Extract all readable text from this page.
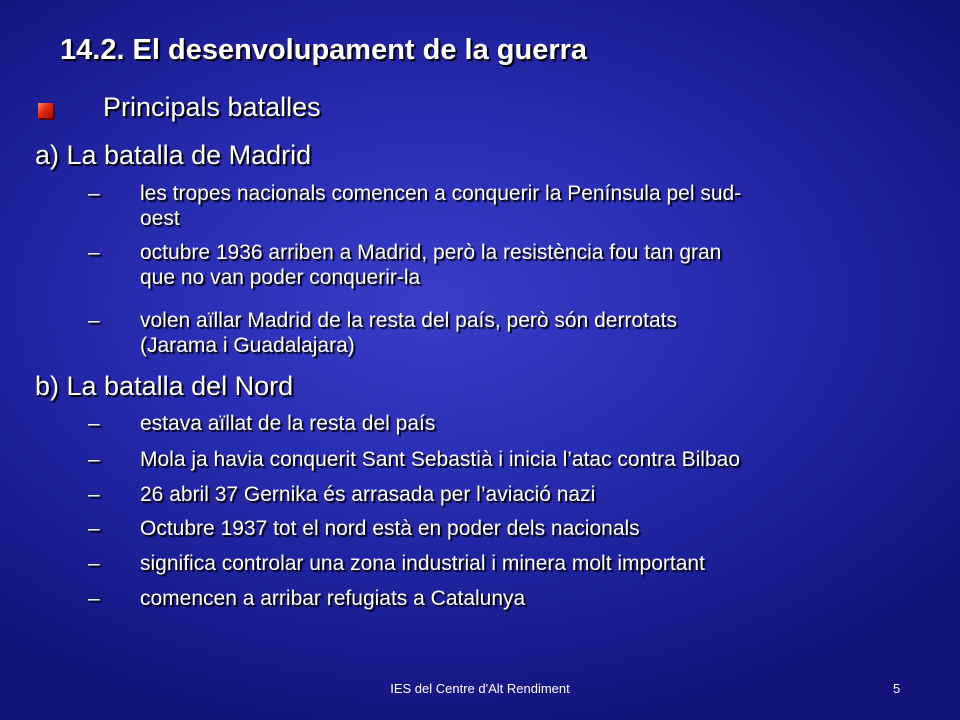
14.2. El desenvolupament de la guerra
Principals batalles
a) La batalla de Madrid
– les tropes nacionals comencen a conquerir la Península pel sud-
oest
– octubre 1936 arriben a Madrid, però la resistència fou tan gran
que no van poder conquerir-la
– volen aïllar Madrid de la resta del país, però són derrotats
(Jarama i Guadalajara)
b) La batalla del Nord
– estava aïllat de la resta del país
– Mola ja havia conquerit Sant Sebastià i inicia l’atac contra Bilbao
– 26 abril 37 Gernika és arrasada per l’aviació nazi
– Octubre 1937 tot el nord està en poder dels nacionals
– significa controlar una zona industrial i minera molt important
– comencen a arribar refugiats a Catalunya
IES del Centre d'Alt Rendiment	5
